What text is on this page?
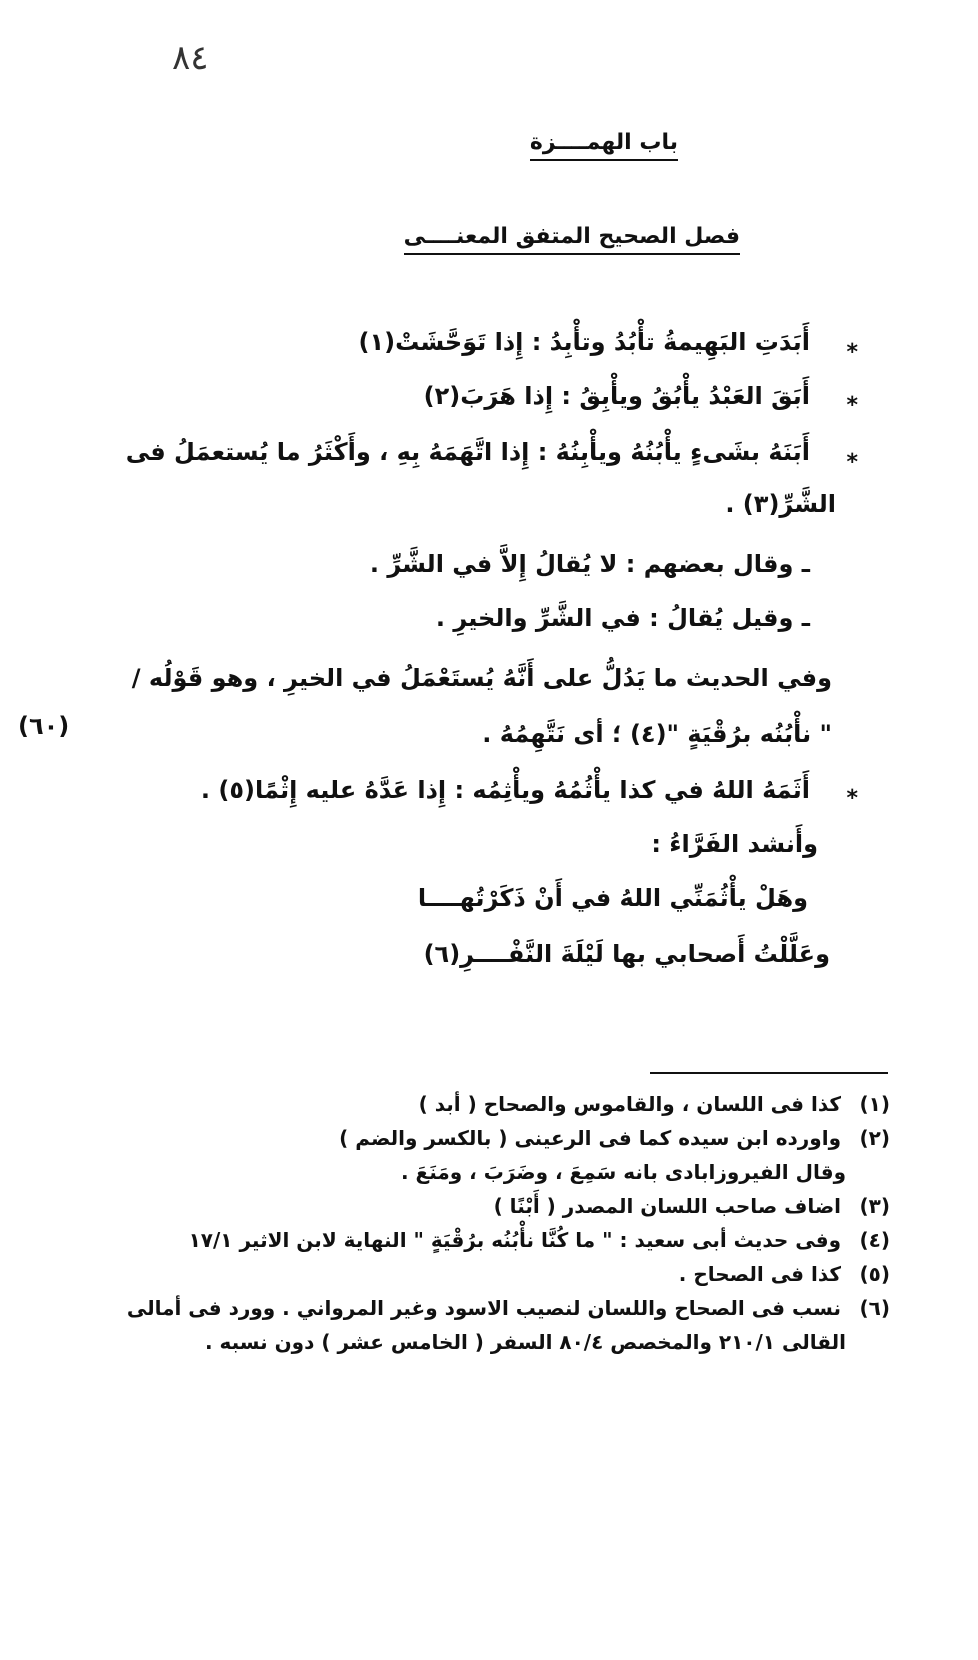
٨٤
باب الهمــــزة
فصل الصحيح المتفق المعنــــى
*
*
*
*
أَبَدَتِ البَهِيمةُ تأْبُدُ وتأْبِدُ : إِذا تَوَحَّشَتْ(١)
أَبَقَ العَبْدُ يأْبُقُ ويأْبِقُ : إِذا هَرَبَ(٢)
أَبَنَهُ بشَىءٍ يأْبُنُهُ ويأْبِنُهُ : إِذا اتَّهَمَهُ بِهِ ، وأَكْثَرُ ما يُستعمَلُ فى
الشَّرِّ(٣) .
ـ وقال بعضهم : لا يُقالُ إِلاَّ في الشَّرِّ .
ـ وقيل يُقالُ : في الشَّرِّ والخيرِ .
وفي الحديث ما يَدُلُّ على أَنَّهُ يُستَعْمَلُ في الخيرِ ، وهو قَوْلُه /
" نأْبُنُه برُقْيَةٍ "(٤) ؛ أى نَتَّهِمُهُ .
أَثَمَهُ اللهُ في كذا يأْثُمُهُ ويأْثِمُه : إِذا عَدَّهُ عليه إِثْمًا(٥) .
وأَنشد الفَرَّاءُ :
وهَلْ يأْثُمَنِّي اللهُ في أَنْ ذَكَرْتُهــــا
وعَلَّلْتُ أَصحابي بها لَيْلَةَ النَّفْــــرِ(٦)
(٦٠)
(١) كذا فى اللسان ، والقاموس والصحاح ( أبد )
(٢) واورده ابن سيده كما فى الرعينى ( بالكسر والضم )
وقال الفيروزابادى بانه سَمِعَ ، وضَرَبَ ، ومَنَعَ .
(٣) اضاف صاحب اللسان المصدر ( أَبْنًا )
(٤) وفى حديث أبى سعيد : " ما كُنَّا نأْبُنُه برُقْيَةٍ " النهاية لابن الاثير ١٧/١
(٥) كذا فى الصحاح .
(٦) نسب فى الصحاح واللسان لنصيب الاسود وغير المرواني . وورد فى أمالى
القالى ٢١٠/١ والمخصص ٨٠/٤ السفر ( الخامس عشر ) دون نسبه .
